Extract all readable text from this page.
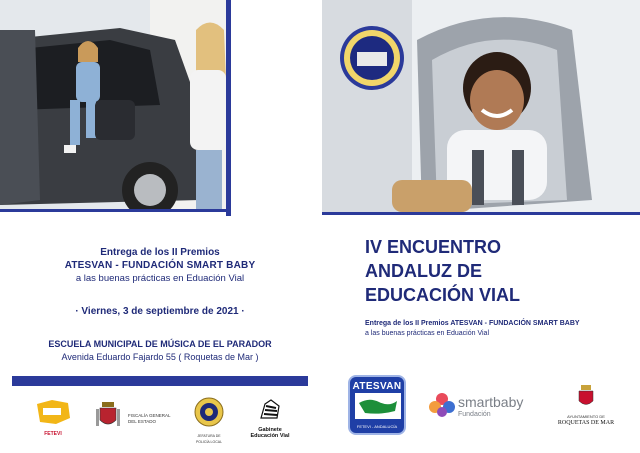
Entrega de los II Premios
ATESVAN - FUNDACIÓN SMART BABY
a las buenas prácticas en Eduación Vial
· Viernes, 3 de septiembre de 2021 ·
ESCUELA MUNICIPAL DE MÚSICA DE EL PARADOR
Avenida Eduardo Fajardo 55 ( Roquetas de Mar )
IV ENCUENTRO
ANDALUZ DE
EDUCACIÓN VIAL
Entrega de los II Premios ATESVAN - FUNDACIÓN SMART BABY
a las buenas prácticas en Eduación Vial
FETEVI
FISCALÍA GENERAL
DEL ESTADO
JEFATURA DE POLICÍA LOCAL
Gabinete
Educación Vial
ATESVAN
FETEVI - ANDALUCÍA
smartbaby
Fundación	AYUNTAMIENTO DE
ROQUETAS DE MAR
